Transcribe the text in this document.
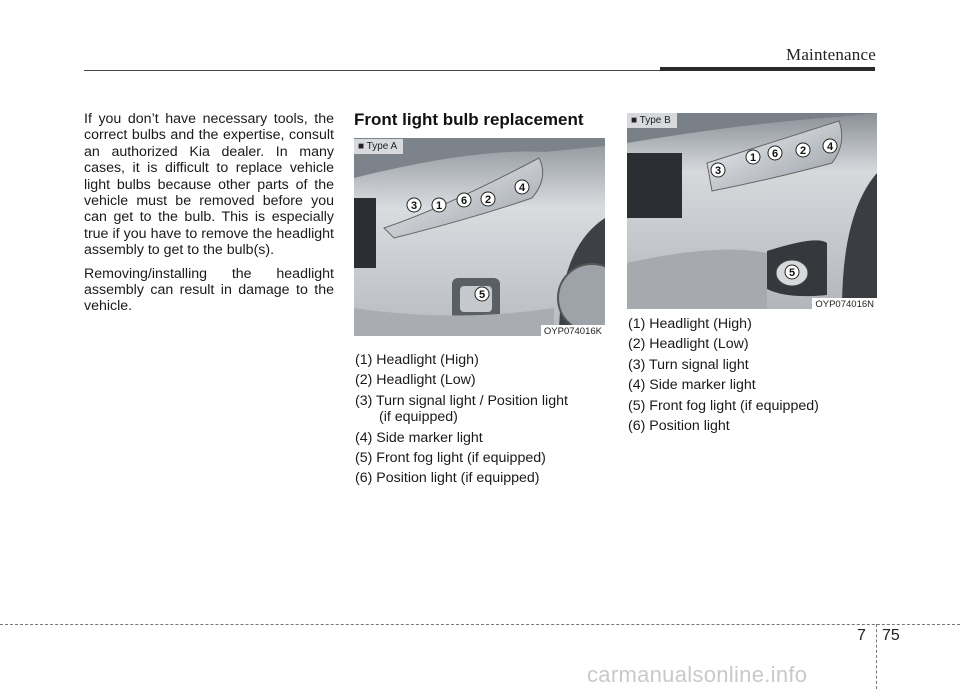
Maintenance

If you don’t have necessary tools, the correct bulbs and the expertise, consult an authorized Kia dealer. In many cases, it is difficult to replace vehicle light bulbs because other parts of the vehicle must be removed before you can get to the bulb. This is especially true if you have to remove the headlight assembly to get to the bulb(s).

Removing/installing the headlight assembly can result in damage to the vehicle.

Front light bulb replacement
3 1 6 2
4
5
■ Type A
OYP074016K
3
1 6 2 4
5
■ Type B
OYP074016N
(1) Headlight (High)
(2) Headlight (Low)
(3) Turn signal light / Position light
(if equipped)
(4) Side marker light
(5) Front fog light (if equipped)
(6) Position light (if equipped)
(1) Headlight (High)
(2) Headlight (Low)
(3) Turn signal light
(4) Side marker light
(5) Front fog light (if equipped)
(6) Position light
7 75
carmanualsonline.info
